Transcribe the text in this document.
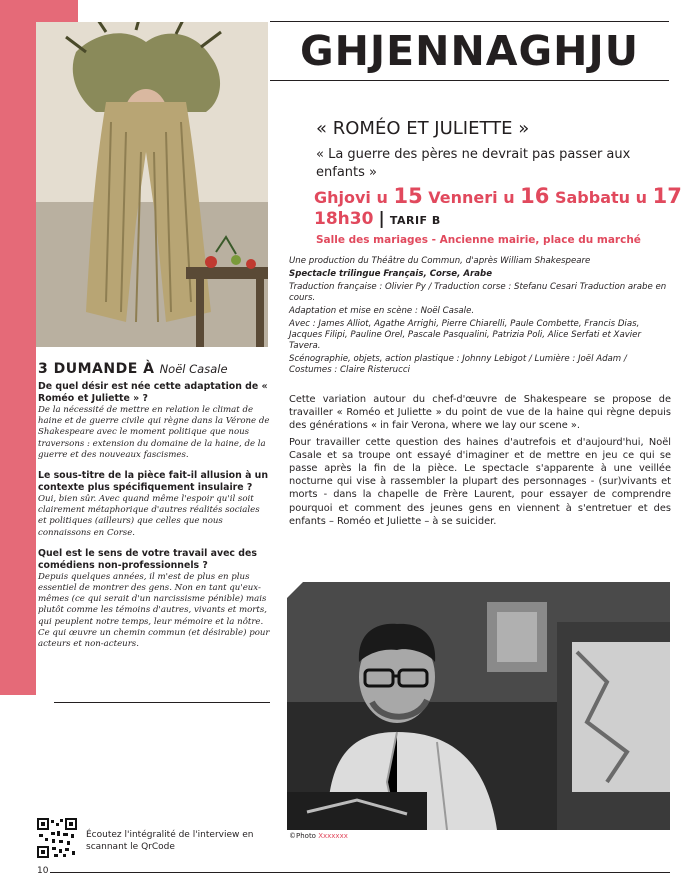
GHJENNAGHJU
« ROMÉO ET JULIETTE »
« La guerre des pères ne devrait pas passer aux enfants »
Ghjovi u 15 Venneri u 16 Sabbatu u 17
18h30 | TARIF B
Salle des mariages - Ancienne mairie, place du marché

Une production du Théâtre du Commun, d'après William Shakespeare

Spectacle trilingue Français, Corse, Arabe

Traduction française : Olivier Py / Traduction corse : Stefanu Cesari Traduction arabe en cours.

Adaptation et mise en scène : Noël Casale.

Avec : James Alliot, Agathe Arrighi, Pierre Chiarelli, Paule Combette, Francis Dias, Jacques Filipi, Pauline Orel, Pascale Pasqualini, Patrizia Poli, Alice Serfati et Xavier Tavera.

Scénographie, objets, action plastique : Johnny Lebigot / Lumière : Joël Adam / Costumes : Claire Risterucci

Cette variation autour du chef-d'œuvre de Shakespeare se propose de travailler « Roméo et Juliette » du point de vue de la haine qui règne depuis des générations « in fair Verona, where we lay our scene ».

Pour travailler cette question des haines d'autrefois et d'aujourd'hui, Noël Casale et sa troupe ont essayé d'imaginer et de mettre en jeu ce qui se passe après la fin de la pièce. Le spectacle s'apparente à une veillée nocturne qui vise à rassembler la plupart des personnages - (sur)vivants et morts - dans la chapelle de Frère Laurent, pour essayer de comprendre pourquoi et comment des jeunes gens en viennent à s'entretuer et des enfants – Roméo et Juliette – à se suicider.

3 DUMANDE À Noël Casale

De quel désir est née cette adaptation de « Roméo et Juliette » ?

De la nécessité de mettre en relation le climat de haine et de guerre civile qui règne dans la Vérone de Shakespeare avec le moment politique que nous traversons : extension du domaine de la haine, de la guerre et des nouveaux fascismes.

Le sous-titre de la pièce fait-il allusion à un contexte plus spécifiquement insulaire ?

Oui, bien sûr. Avec quand même l'espoir qu'il soit clairement métaphorique d'autres réalités sociales et politiques (ailleurs) que celles que nous connaissons en Corse.

Quel est le sens de votre travail avec des comédiens non-professionnels ?

Depuis quelques années, il m'est de plus en plus essentiel de montrer des gens. Non en tant qu'eux-mêmes (ce qui serait d'un narcissisme pénible) mais plutôt comme les témoins d'autres, vivants et morts, qui peuplent notre temps, leur mémoire et la nôtre. Ce qui œuvre un chemin commun (et désirable) pour acteurs et non-acteurs.

©Photo Xxxxxxx
Écoutez l'intégralité de l'interview en scannant le QrCode
10
